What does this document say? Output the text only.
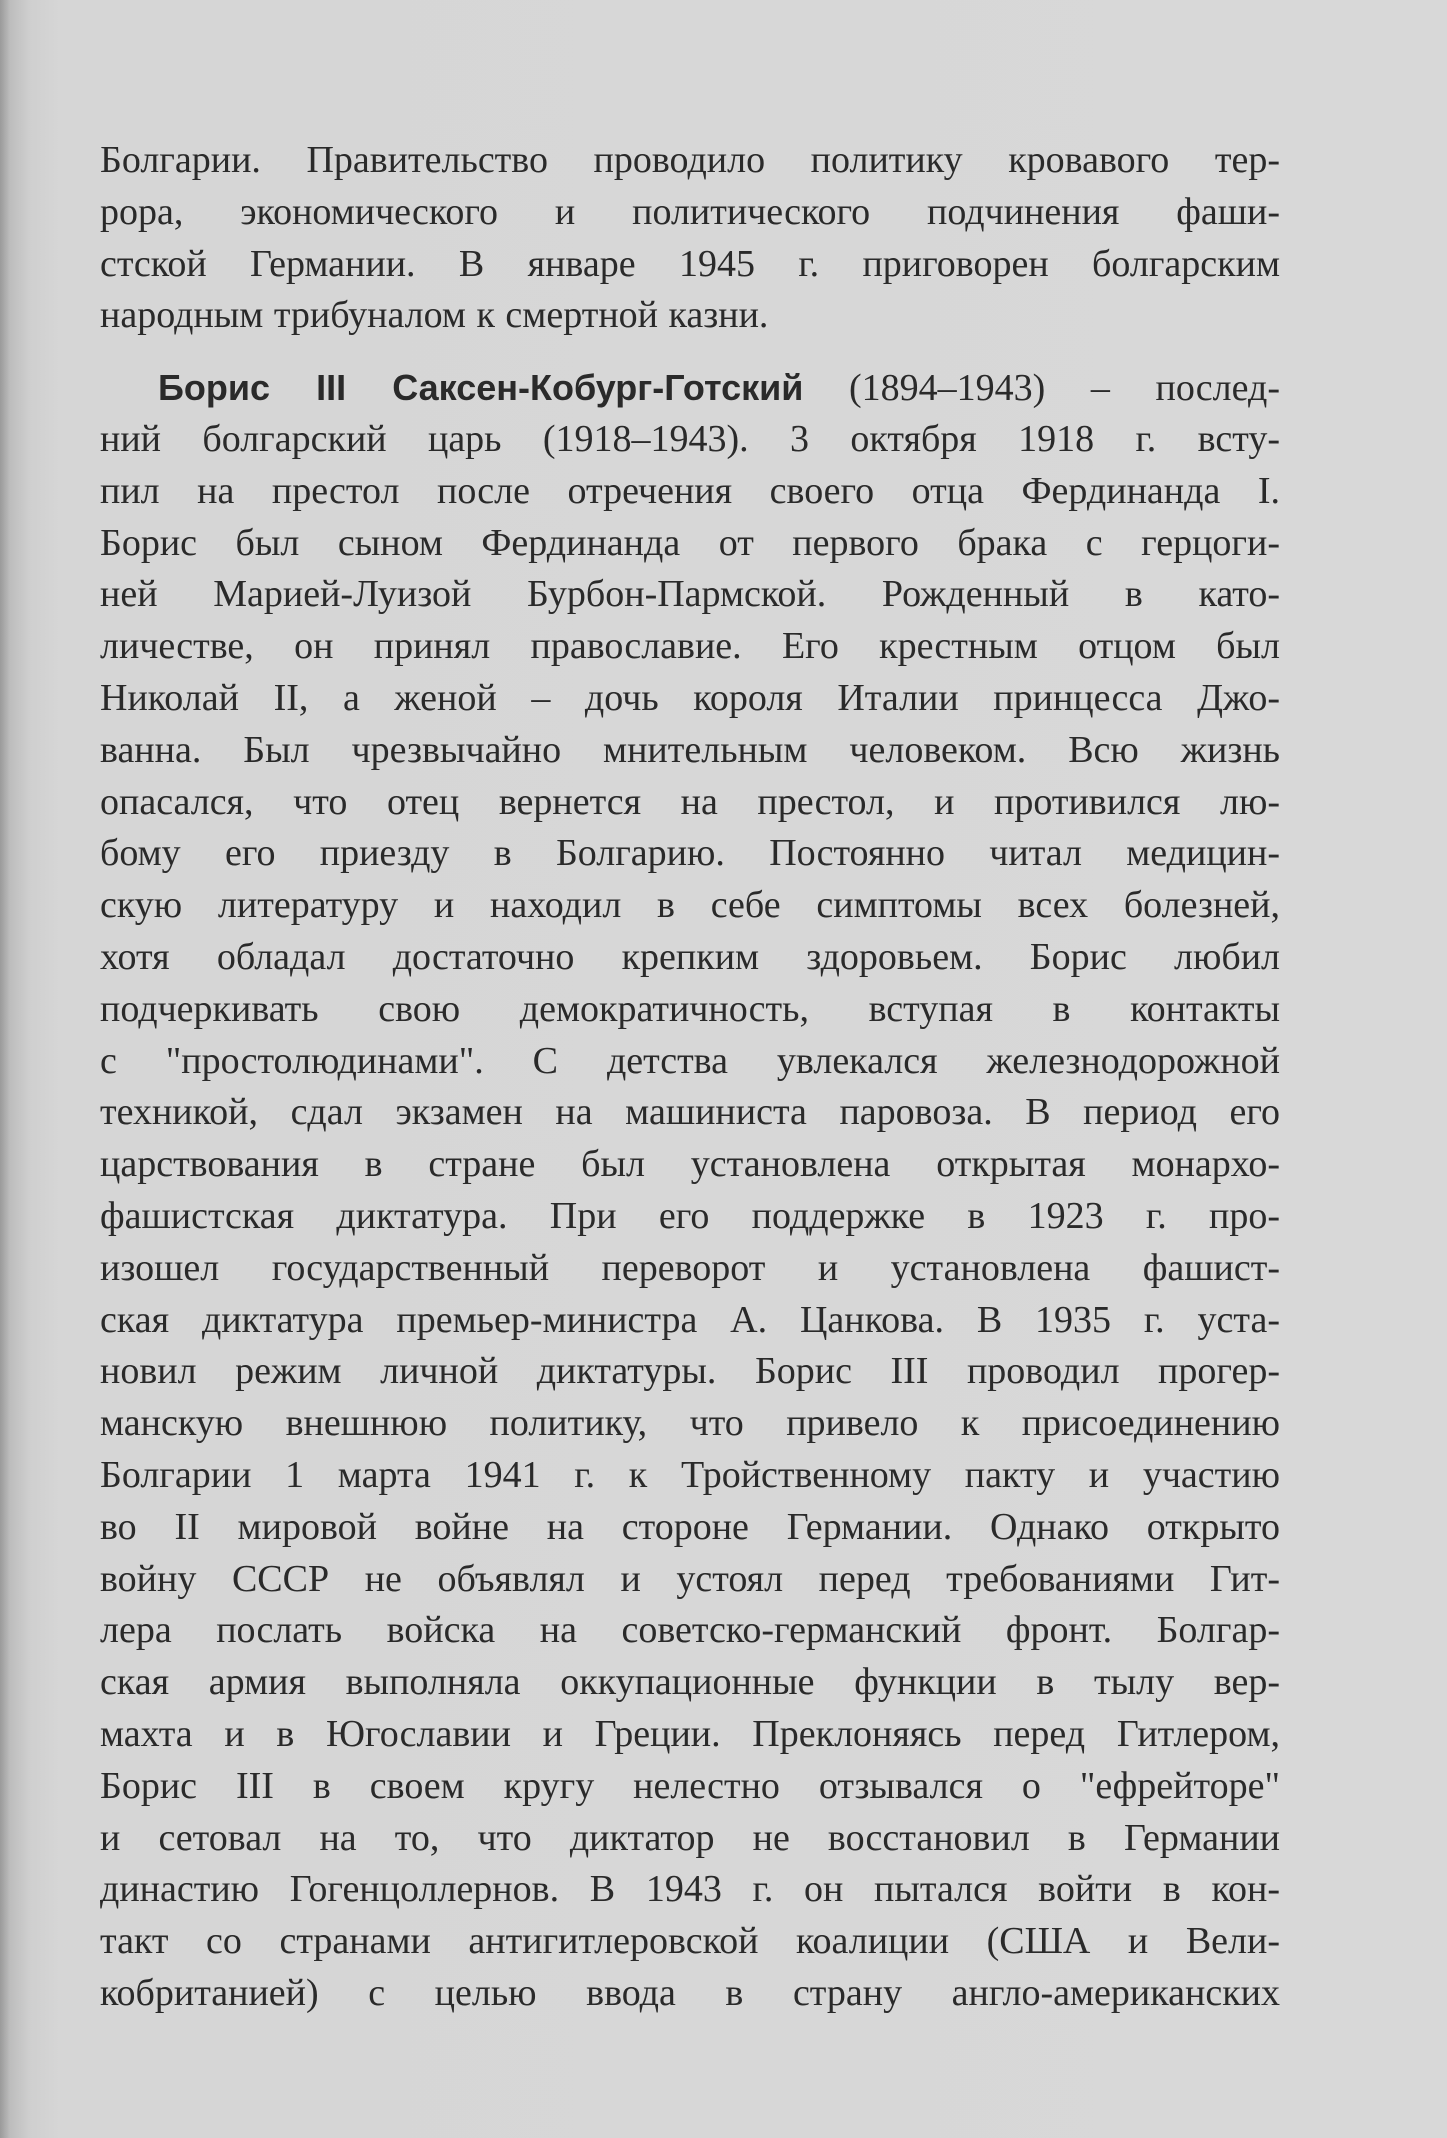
Болгарии. Правительство проводило политику кровавого тер-
рора, экономического и политического подчинения фаши-
стской Германии. В январе 1945 г. приговорен болгарским
народным трибуналом к смертной казни.
Борис III Саксен-Кобург-Готский (1894–1943) – послед-
ний болгарский царь (1918–1943). 3 октября 1918 г. всту-
пил на престол после отречения своего отца Фердинанда I.
Борис был сыном Фердинанда от первого брака с герцоги-
ней Марией-Луизой Бурбон-Пармской. Рожденный в като-
личестве, он принял православие. Его крестным отцом был
Николай II, а женой – дочь короля Италии принцесса Джо-
ванна. Был чрезвычайно мнительным человеком. Всю жизнь
опасался, что отец вернется на престол, и противился лю-
бому его приезду в Болгарию. Постоянно читал медицин-
скую литературу и находил в себе симптомы всех болезней,
хотя обладал достаточно крепким здоровьем. Борис любил
подчеркивать свою демократичность, вступая в контакты
с "простолюдинами". С детства увлекался железнодорожной
техникой, сдал экзамен на машиниста паровоза. В период его
царствования в стране был установлена открытая монархо-
фашистская диктатура. При его поддержке в 1923 г. про-
изошел государственный переворот и установлена фашист-
ская диктатура премьер-министра А. Цанкова. В 1935 г. уста-
новил режим личной диктатуры. Борис III проводил прогер-
манскую внешнюю политику, что привело к присоединению
Болгарии 1 марта 1941 г. к Тройственному пакту и участию
во II мировой войне на стороне Германии. Однако открыто
войну СССР не объявлял и устоял перед требованиями Гит-
лера послать войска на советско-германский фронт. Болгар-
ская армия выполняла оккупационные функции в тылу вер-
махта и в Югославии и Греции. Преклоняясь перед Гитлером,
Борис III в своем кругу нелестно отзывался о "ефрейторе"
и сетовал на то, что диктатор не восстановил в Германии
династию Гогенцоллернов. В 1943 г. он пытался войти в кон-
такт со странами антигитлеровской коалиции (США и Вели-
кобританией) с целью ввода в страну англо-американских
